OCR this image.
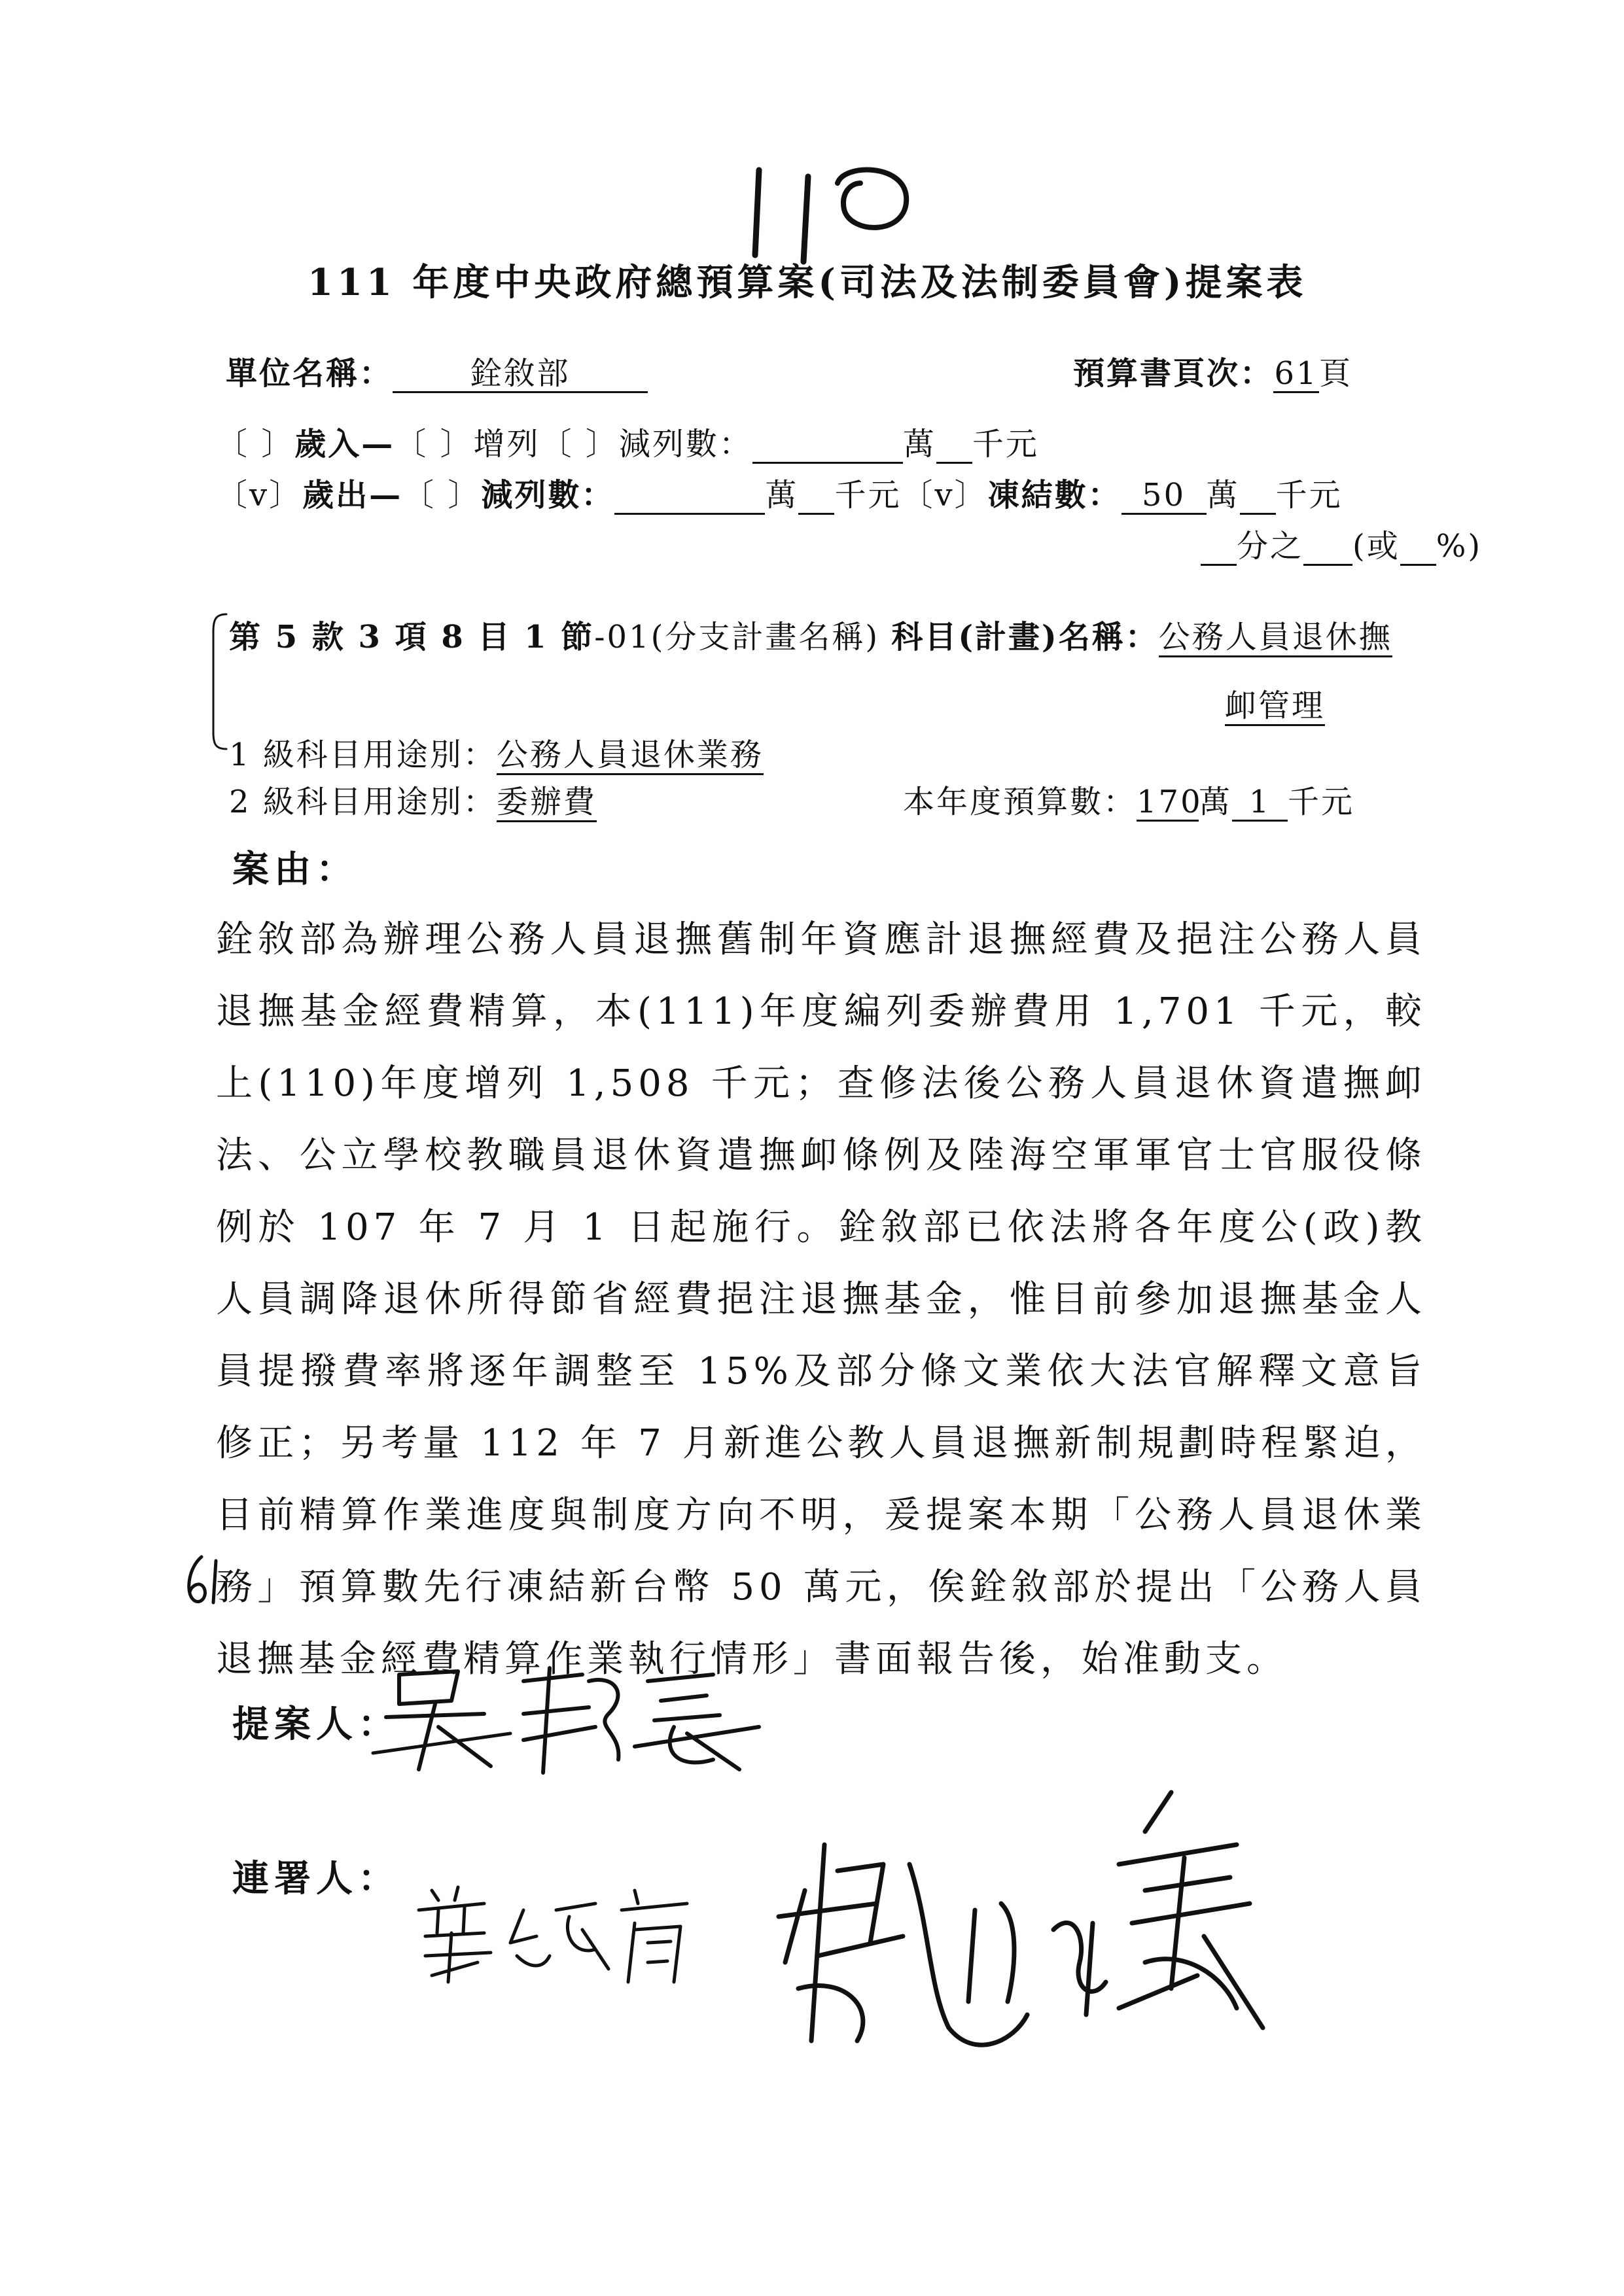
111 年度中央政府總預算案(司法及法制委員會)提案表
單位名稱： 銓敘部	預算書頁次：61頁
〔 〕歲入—〔 〕增列〔 〕減列數：	萬 千元
〔v〕歲出—〔 〕減列數：	萬 千元〔v〕凍結數： 50 萬 千元
分之 (或 %)
第 5 款 3 項 8 目 1 節-01(分支計畫名稱) 科目(計畫)名稱：公務人員退休撫
卹管理
1 級科目用途別：公務人員退休業務
2 級科目用途別：委辦費	本年度預算數：170萬 1 千元
案由：
銓敘部為辦理公務人員退撫舊制年資應計退撫經費及挹注公務人員退撫基金經費精算，本(111)年度編列委辦費用 1,701 千元，較上(110)年度增列 1,508 千元；查修法後公務人員退休資遣撫卹法、公立學校教職員退休資遣撫卹條例及陸海空軍軍官士官服役條例於 107 年 7 月 1 日起施行。銓敘部已依法將各年度公(政)教人員調降退休所得節省經費挹注退撫基金，惟目前參加退撫基金人員提撥費率將逐年調整至 15%及部分條文業依大法官解釋文意旨修正；另考量 112 年 7 月新進公教人員退撫新制規劃時程緊迫，目前精算作業進度與制度方向不明，爰提案本期「公務人員退休業務」預算數先行凍結新台幣 50 萬元，俟銓敘部於提出「公務人員退撫基金經費精算作業執行情形」書面報告後，始准動支。
提案人：
連署人：
